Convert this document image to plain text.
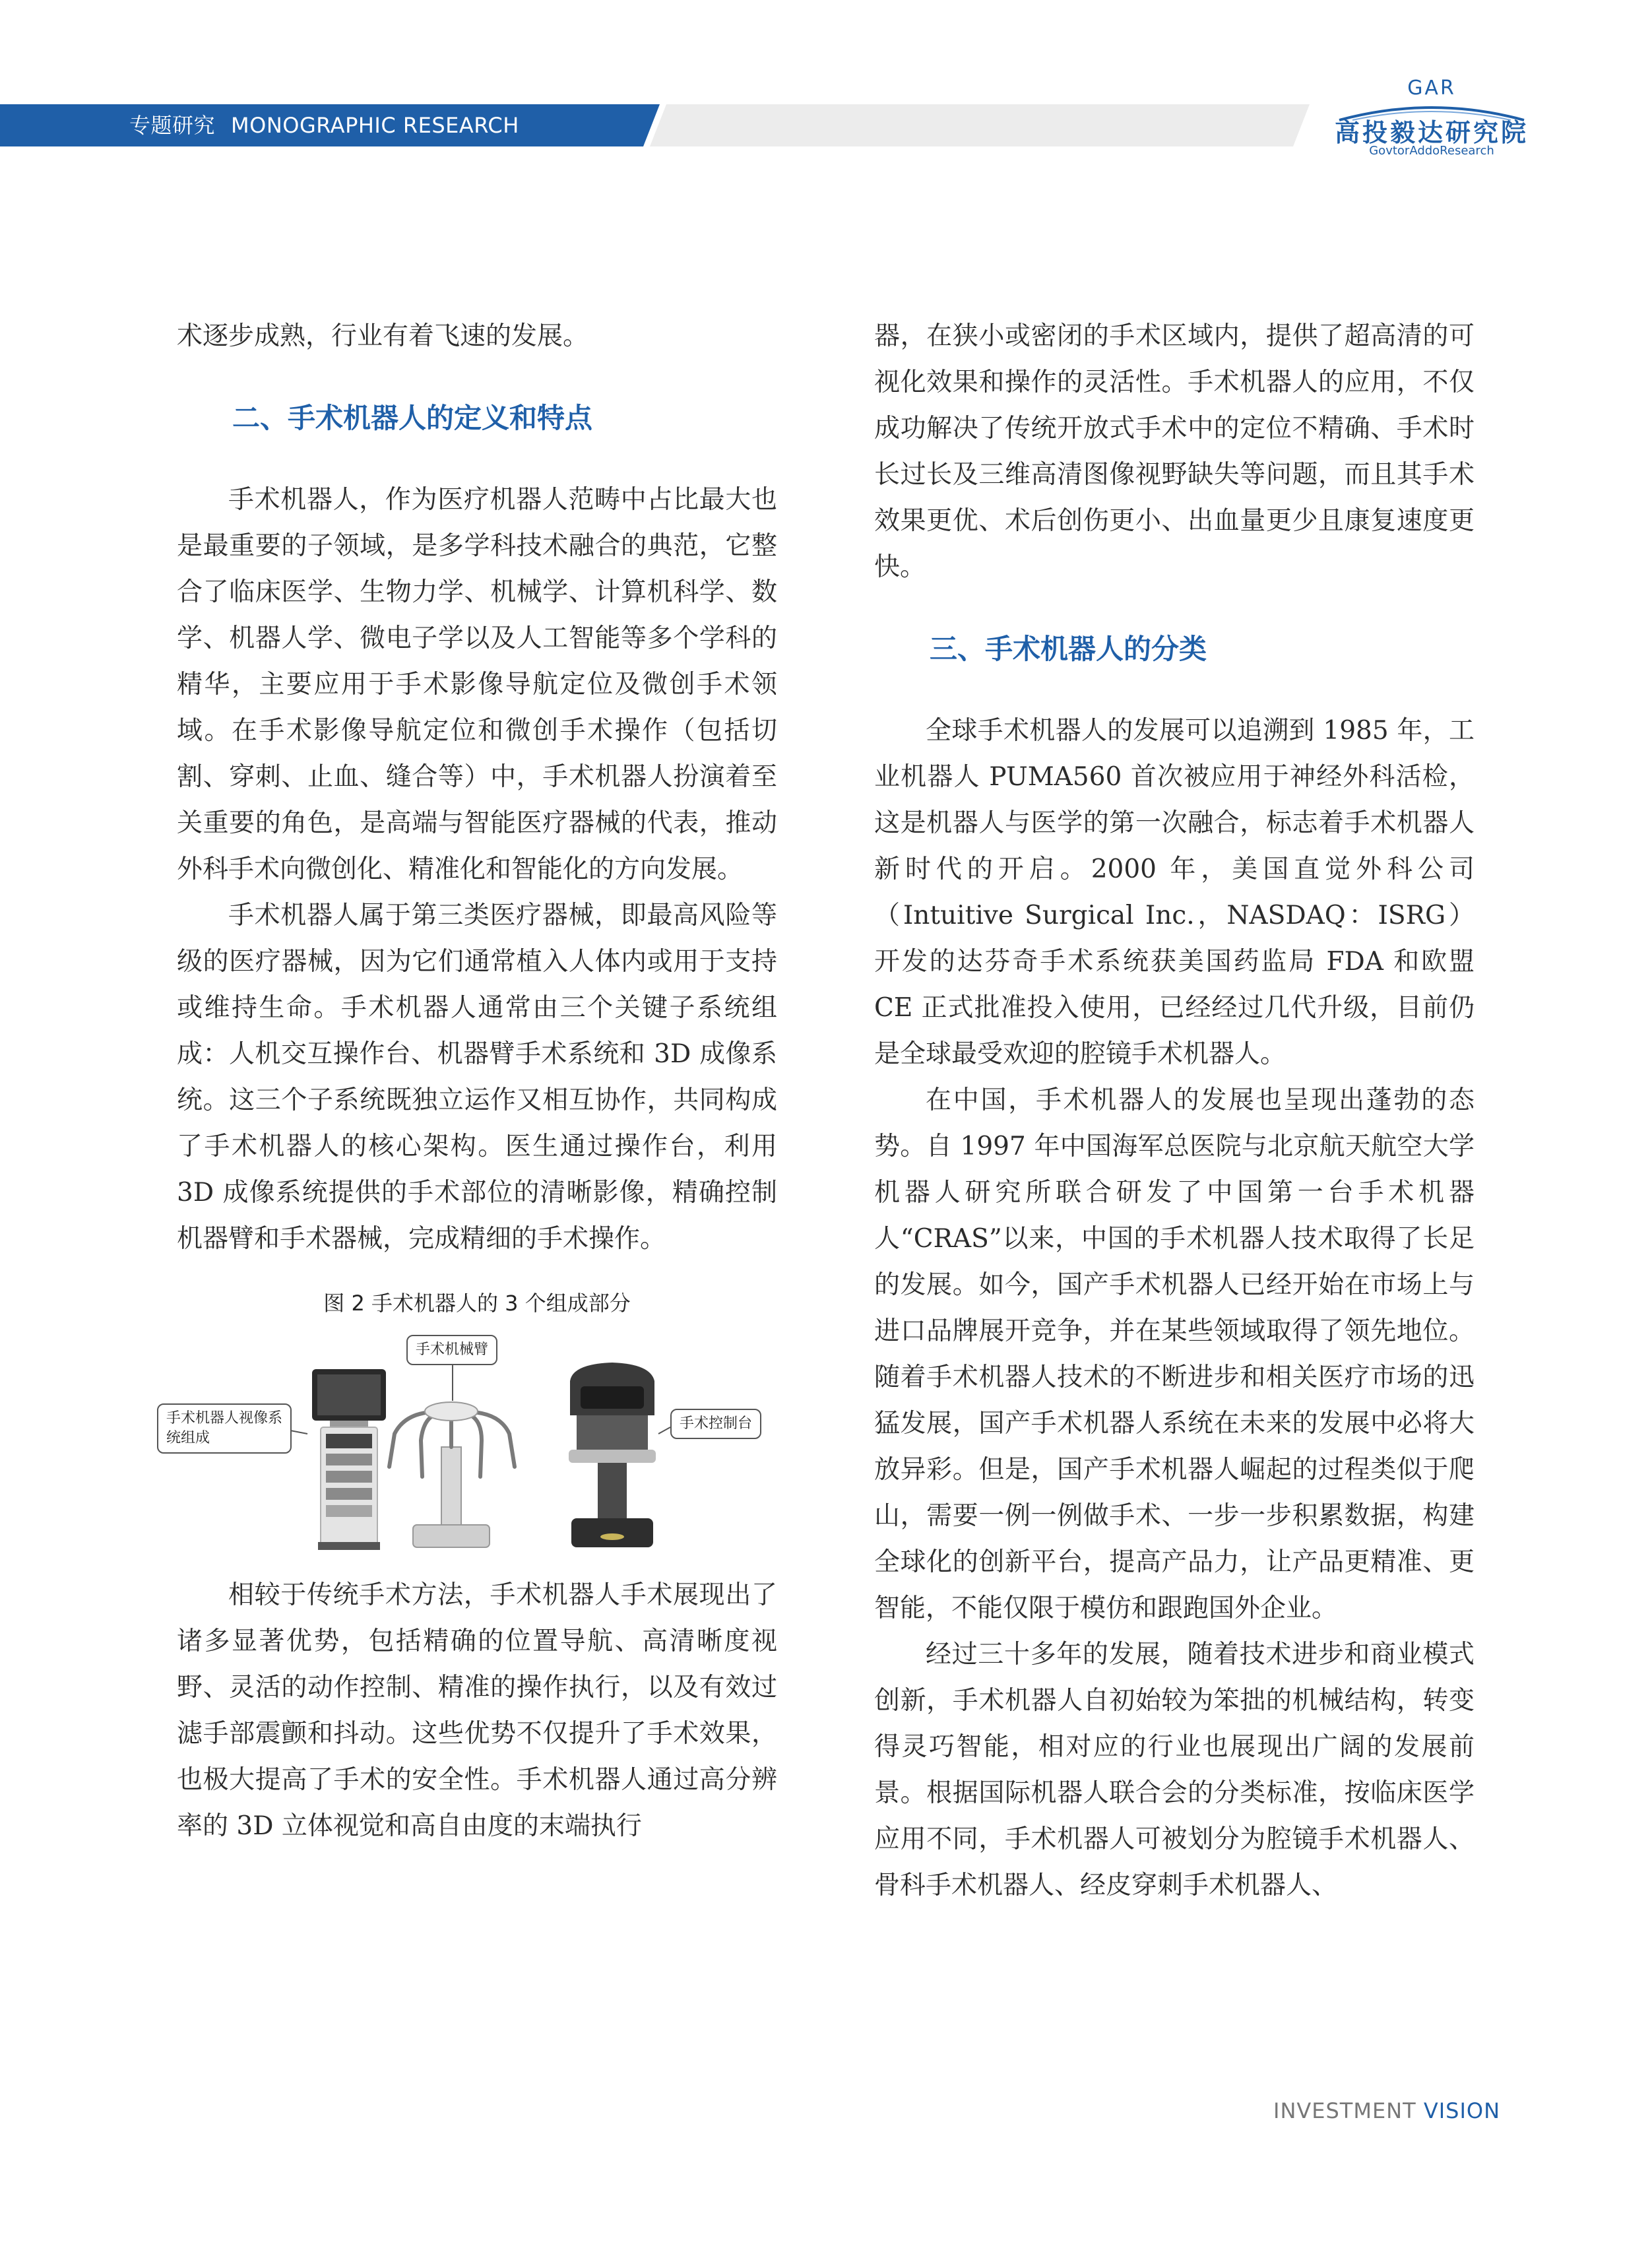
专题研究 MONOGRAPHIC RESEARCH
GAR
高投毅达研究院
GovtorAddoResearch

术逐步成熟，行业有着飞速的发展。

二、手术机器人的定义和特点

手术机器人，作为医疗机器人范畴中占比最大也是最重要的子领域，是多学科技术融合的典范，它整合了临床医学、生物力学、机械学、计算机科学、数学、机器人学、微电子学以及人工智能等多个学科的精华，主要应用于手术影像导航定位及微创手术领域。在手术影像导航定位和微创手术操作（包括切割、穿刺、止血、缝合等）中，手术机器人扮演着至关重要的角色，是高端与智能医疗器械的代表，推动外科手术向微创化、精准化和智能化的方向发展。

手术机器人属于第三类医疗器械，即最高风险等级的医疗器械，因为它们通常植入人体内或用于支持或维持生命。手术机器人通常由三个关键子系统组成：人机交互操作台、机器臂手术系统和 3D 成像系统。这三个子系统既独立运作又相互协作，共同构成了手术机器人的核心架构。医生通过操作台，利用 3D 成像系统提供的手术部位的清晰影像，精确控制机器臂和手术器械，完成精细的手术操作。

图 2 手术机器人的 3 个组成部分
手术机械臂
手术机器人视像系统组成
手术控制台

相较于传统手术方法，手术机器人手术展现出了诸多显著优势，包括精确的位置导航、高清晰度视野、灵活的动作控制、精准的操作执行，以及有效过滤手部震颤和抖动。这些优势不仅提升了手术效果，也极大提高了手术的安全性。手术机器人通过高分辨率的 3D 立体视觉和高自由度的末端执行

器，在狭小或密闭的手术区域内，提供了超高清的可视化效果和操作的灵活性。手术机器人的应用，不仅成功解决了传统开放式手术中的定位不精确、手术时长过长及三维高清图像视野缺失等问题，而且其手术效果更优、术后创伤更小、出血量更少且康复速度更快。

三、手术机器人的分类

全球手术机器人的发展可以追溯到 1985 年，工业机器人 PUMA560 首次被应用于神经外科活检，这是机器人与医学的第一次融合，标志着手术机器人新时代的开启。2000 年，美国直觉外科公司（Intuitive Surgical Inc.，NASDAQ：ISRG） 开发的达芬奇手术系统获美国药监局 FDA 和欧盟 CE 正式批准投入使用，已经经过几代升级，目前仍是全球最受欢迎的腔镜手术机器人。

在中国，手术机器人的发展也呈现出蓬勃的态势。自 1997 年中国海军总医院与北京航天航空大学机器人研究所联合研发了中国第一台手术机器人“CRAS”以来，中国的手术机器人技术取得了长足的发展。如今，国产手术机器人已经开始在市场上与进口品牌展开竞争，并在某些领域取得了领先地位。随着手术机器人技术的不断进步和相关医疗市场的迅猛发展，国产手术机器人系统在未来的发展中必将大放异彩。但是，国产手术机器人崛起的过程类似于爬山，需要一例一例做手术、一步一步积累数据，构建全球化的创新平台，提高产品力，让产品更精准、更智能，不能仅限于模仿和跟跑国外企业。

经过三十多年的发展，随着技术进步和商业模式创新，手术机器人自初始较为笨拙的机械结构，转变得灵巧智能，相对应的行业也展现出广阔的发展前景。根据国际机器人联合会的分类标准，按临床医学应用不同，手术机器人可被划分为腔镜手术机器人、骨科手术机器人、经皮穿刺手术机器人、

INVESTMENT VISION
